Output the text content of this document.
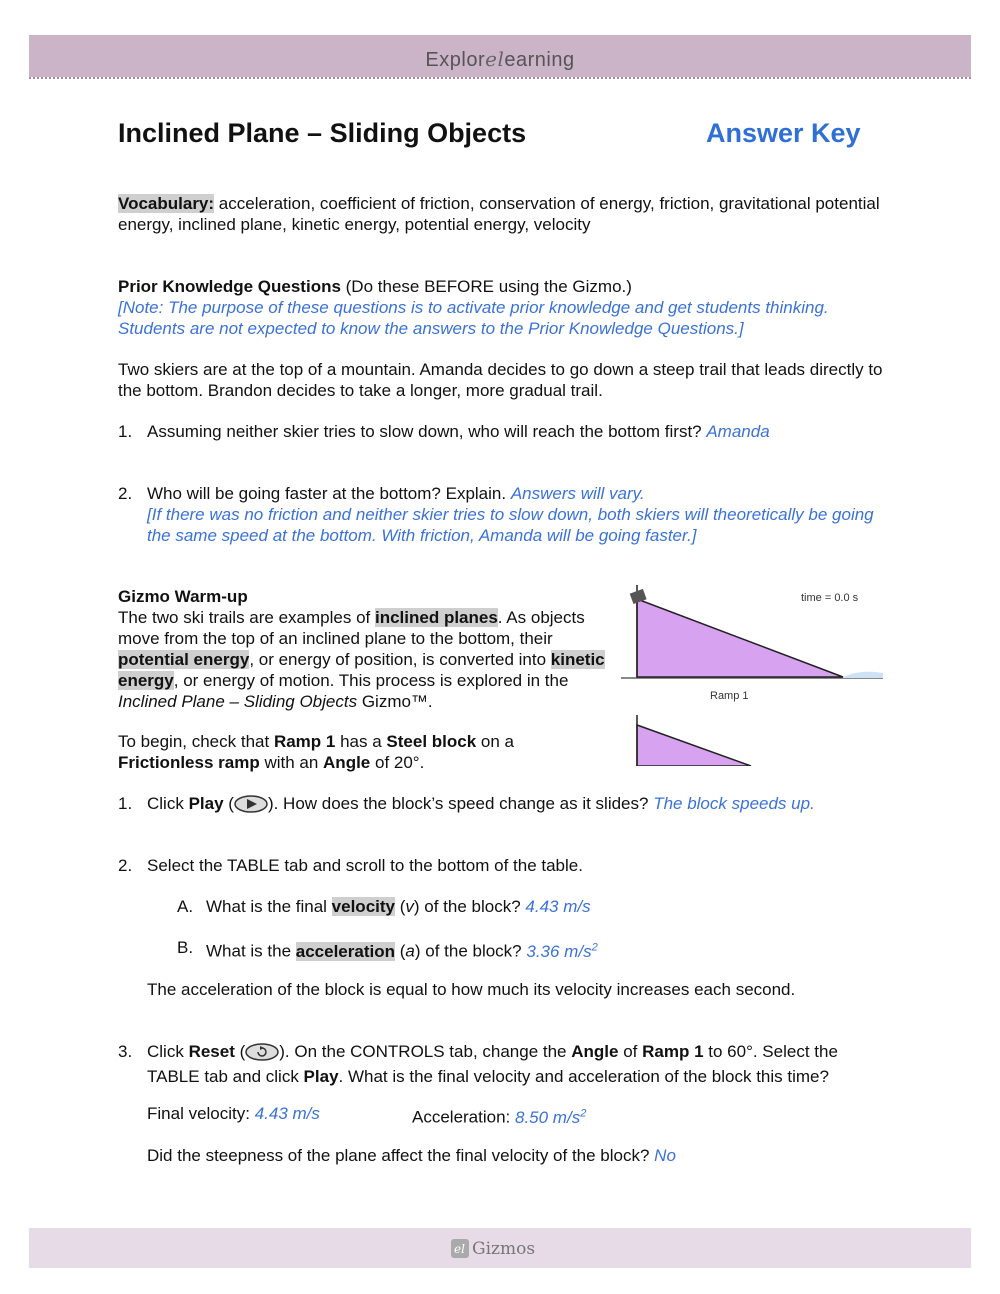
Explorelearning
Inclined Plane – Sliding Objects	Answer Key
Vocabulary: acceleration, coefficient of friction, conservation of energy, friction, gravitational potential energy, inclined plane, kinetic energy, potential energy, velocity
Prior Knowledge Questions (Do these BEFORE using the Gizmo.)
[Note: The purpose of these questions is to activate prior knowledge and get students thinking. Students are not expected to know the answers to the Prior Knowledge Questions.]
Two skiers are at the top of a mountain. Amanda decides to go down a steep trail that leads directly to the bottom. Brandon decides to take a longer, more gradual trail.
1. Assuming neither skier tries to slow down, who will reach the bottom first? Amanda
2. Who will be going faster at the bottom? Explain. Answers will vary.
[If there was no friction and neither skier tries to slow down, both skiers will theoretically be going the same speed at the bottom. With friction, Amanda will be going faster.]
Gizmo Warm-up
The two ski trails are examples of inclined planes. As objects move from the top of an inclined plane to the bottom, their potential energy, or energy of position, is converted into kinetic energy, or energy of motion. This process is explored in the Inclined Plane – Sliding Objects Gizmo™.
To begin, check that Ramp 1 has a Steel block on a Frictionless ramp with an Angle of 20°.
time = 0.0 s
Ramp 1
1. Click Play ( ). How does the block’s speed change as it slides? The block speeds up.
2. Select the TABLE tab and scroll to the bottom of the table.
A. What is the final velocity (v) of the block? 4.43 m/s
B. What is the acceleration (a) of the block? 3.36 $m/s^2$
The acceleration of the block is equal to how much its velocity increases each second.
3. Click Reset ( ). On the CONTROLS tab, change the Angle of Ramp 1 to 60°. Select the TABLE tab and click Play. What is the final velocity and acceleration of the block this time?
Final velocity: 4.43 m/s	Acceleration: 8.50 $m/s^2$
Did the steepness of the plane affect the final velocity of the block? No
el Gizmos
